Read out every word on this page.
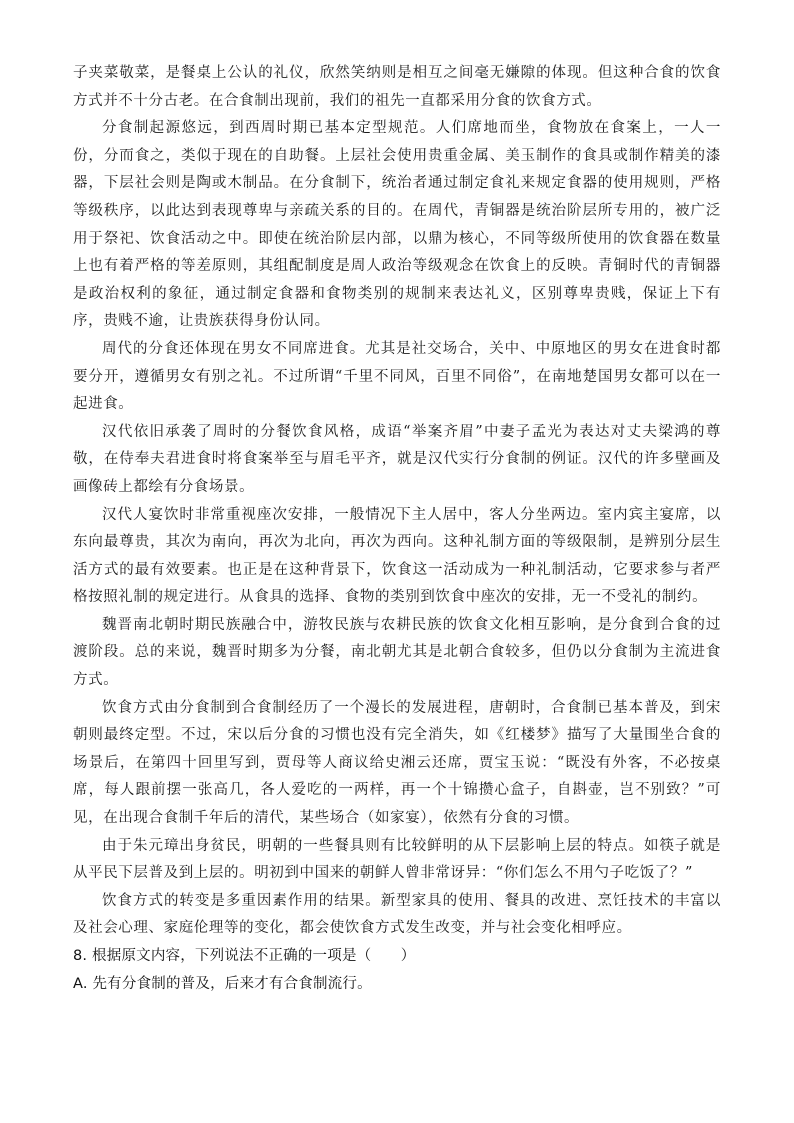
子夹菜敬菜，是餐桌上公认的礼仪，欣然笑纳则是相互之间毫无嫌隙的体现。但这种合食的饮食方式并不十分古老。在合食制出现前，我们的祖先一直都采用分食的饮食方式。

分食制起源悠远，到西周时期已基本定型规范。人们席地而坐，食物放在食案上，一人一份，分而食之，类似于现在的自助餐。上层社会使用贵重金属、美玉制作的食具或制作精美的漆器，下层社会则是陶或木制品。在分食制下，统治者通过制定食礼来规定食器的使用规则，严格等级秩序，以此达到表现尊卑与亲疏关系的目的。在周代，青铜器是统治阶层所专用的，被广泛用于祭祀、饮食活动之中。即使在统治阶层内部，以鼎为核心，不同等级所使用的饮食器在数量上也有着严格的等差原则，其组配制度是周人政治等级观念在饮食上的反映。青铜时代的青铜器是政治权利的象征，通过制定食器和食物类别的规制来表达礼义，区别尊卑贵贱，保证上下有序，贵贱不逾，让贵族获得身份认同。

周代的分食还体现在男女不同席进食。尤其是社交场合，关中、中原地区的男女在进食时都要分开，遵循男女有别之礼。不过所谓“千里不同风，百里不同俗”，在南地楚国男女都可以在一起进食。

汉代依旧承袭了周时的分餐饮食风格，成语“举案齐眉”中妻子孟光为表达对丈夫梁鸿的尊敬，在侍奉夫君进食时将食案举至与眉毛平齐，就是汉代实行分食制的例证。汉代的许多壁画及画像砖上都绘有分食场景。

汉代人宴饮时非常重视座次安排，一般情况下主人居中，客人分坐两边。室内宾主宴席，以东向最尊贵，其次为南向，再次为北向，再次为西向。这种礼制方面的等级限制，是辨别分层生活方式的最有效要素。也正是在这种背景下，饮食这一活动成为一种礼制活动，它要求参与者严格按照礼制的规定进行。从食具的选择、食物的类别到饮食中座次的安排，无一不受礼的制约。

魏晋南北朝时期民族融合中，游牧民族与农耕民族的饮食文化相互影响，是分食到合食的过渡阶段。总的来说，魏晋时期多为分餐，南北朝尤其是北朝合食较多，但仍以分食制为主流进食方式。

饮食方式由分食制到合食制经历了一个漫长的发展进程，唐朝时，合食制已基本普及，到宋朝则最终定型。不过，宋以后分食的习惯也没有完全消失，如《红楼梦》描写了大量围坐合食的场景后，在第四十回里写到，贾母等人商议给史湘云还席，贾宝玉说：“既没有外客，不必按桌席，每人跟前摆一张高几，各人爱吃的一两样，再一个十锦攒心盒子，自斟壶，岂不别致？”可见，在出现合食制千年后的清代，某些场合（如家宴），依然有分食的习惯。

由于朱元璋出身贫民，明朝的一些餐具则有比较鲜明的从下层影响上层的特点。如筷子就是从平民下层普及到上层的。明初到中国来的朝鲜人曾非常讶异：“你们怎么不用勺子吃饭了？”

饮食方式的转变是多重因素作用的结果。新型家具的使用、餐具的改进、烹饪技术的丰富以及社会心理、家庭伦理等的变化，都会使饮食方式发生改变，并与社会变化相呼应。

8. 根据原文内容，下列说法不正确的一项是（　　）

A. 先有分食制的普及，后来才有合食制流行。
